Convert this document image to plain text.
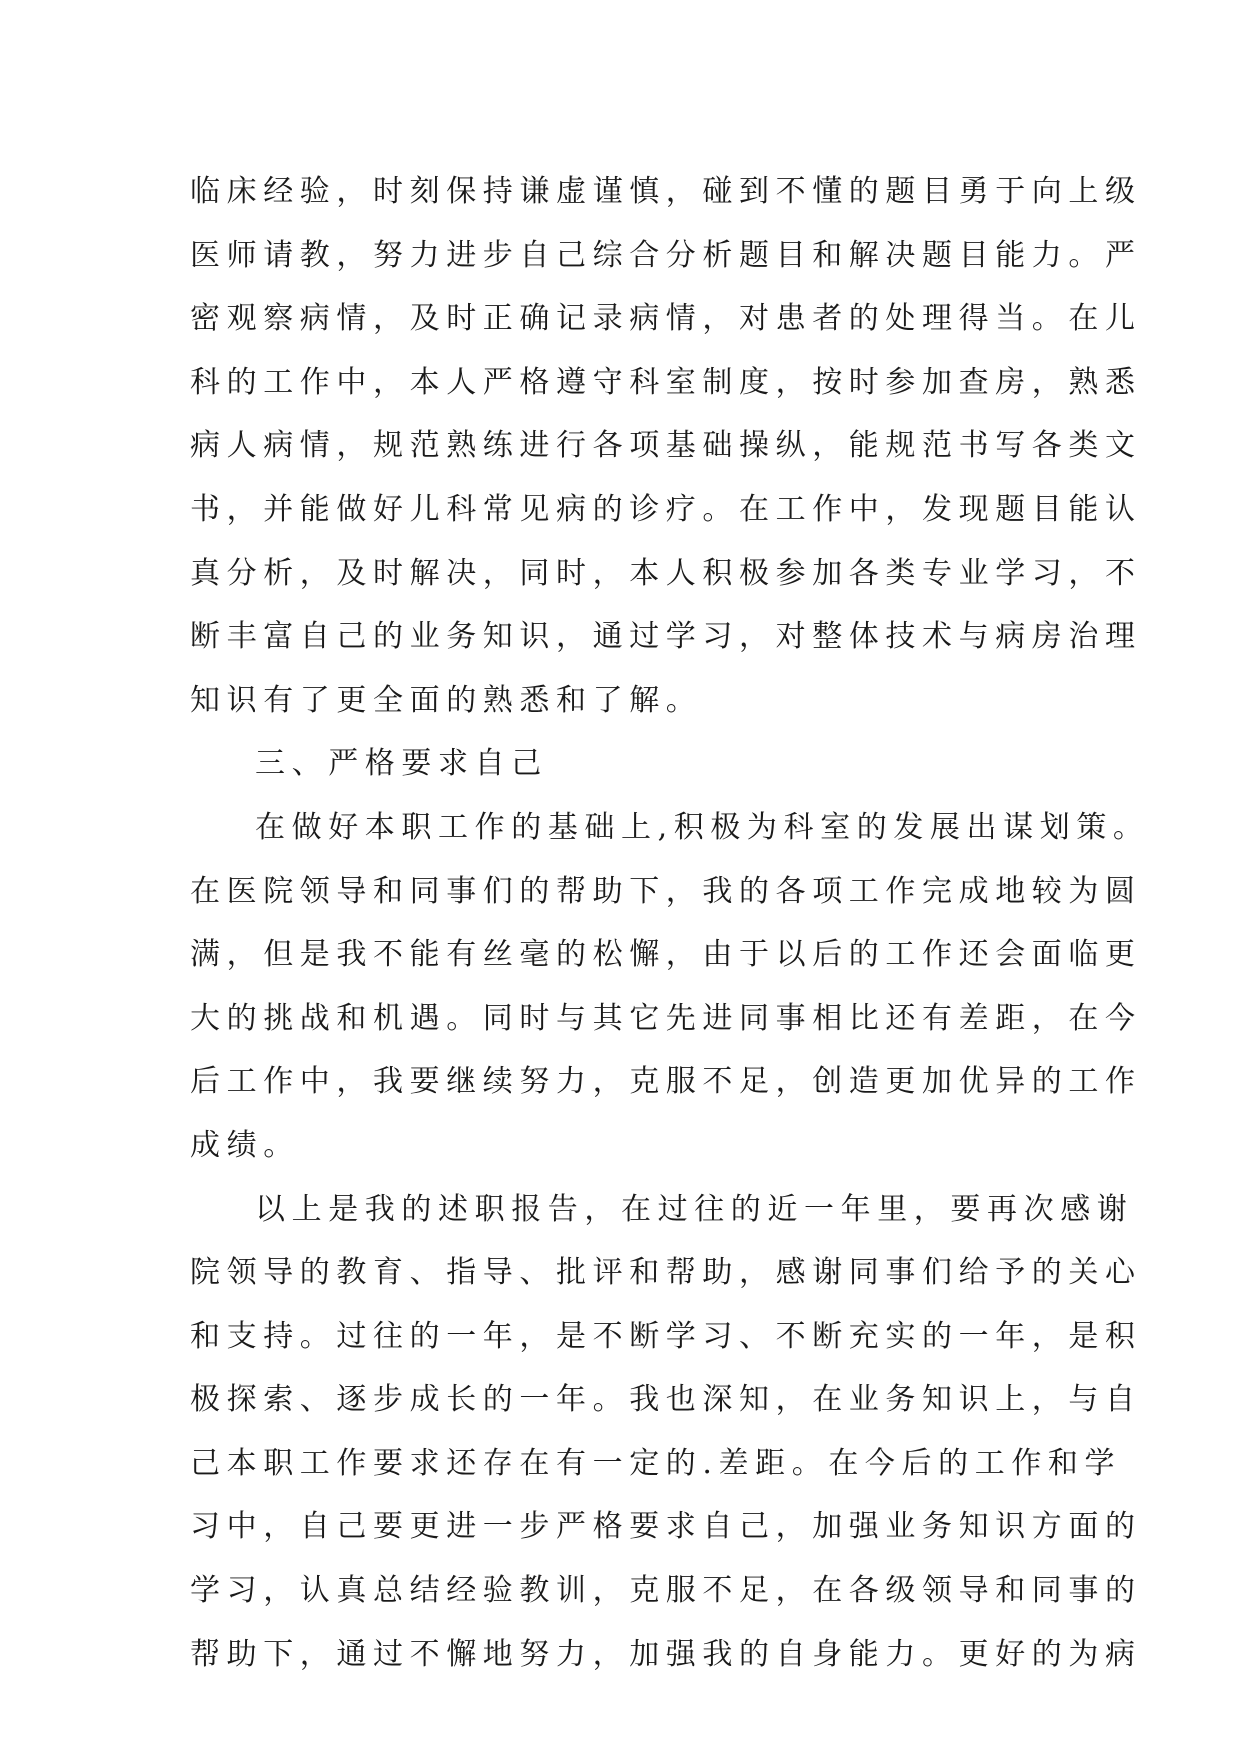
临床经验，时刻保持谦虚谨慎，碰到不懂的题目勇于向上级
医师请教，努力进步自己综合分析题目和解决题目能力。严
密观察病情，及时正确记录病情，对患者的处理得当。在儿
科的工作中，本人严格遵守科室制度，按时参加查房，熟悉
病人病情，规范熟练进行各项基础操纵，能规范书写各类文
书，并能做好儿科常见病的诊疗。在工作中，发现题目能认
真分析，及时解决，同时，本人积极参加各类专业学习，不
断丰富自己的业务知识，通过学习，对整体技术与病房治理
知识有了更全面的熟悉和了解。
三、严格要求自己
在做好本职工作的基础上,积极为科室的发展出谋划策。
在医院领导和同事们的帮助下，我的各项工作完成地较为圆
满，但是我不能有丝毫的松懈，由于以后的工作还会面临更
大的挑战和机遇。同时与其它先进同事相比还有差距，在今
后工作中，我要继续努力，克服不足，创造更加优异的工作
成绩。
以上是我的述职报告，在过往的近一年里，要再次感谢
院领导的教育、指导、批评和帮助，感谢同事们给予的关心
和支持。过往的一年，是不断学习、不断充实的一年，是积
极探索、逐步成长的一年。我也深知，在业务知识上，与自
己本职工作要求还存在有一定的.差距。在今后的工作和学
习中，自己要更进一步严格要求自己，加强业务知识方面的
学习，认真总结经验教训，克服不足，在各级领导和同事的
帮助下，通过不懈地努力，加强我的自身能力。更好的为病
